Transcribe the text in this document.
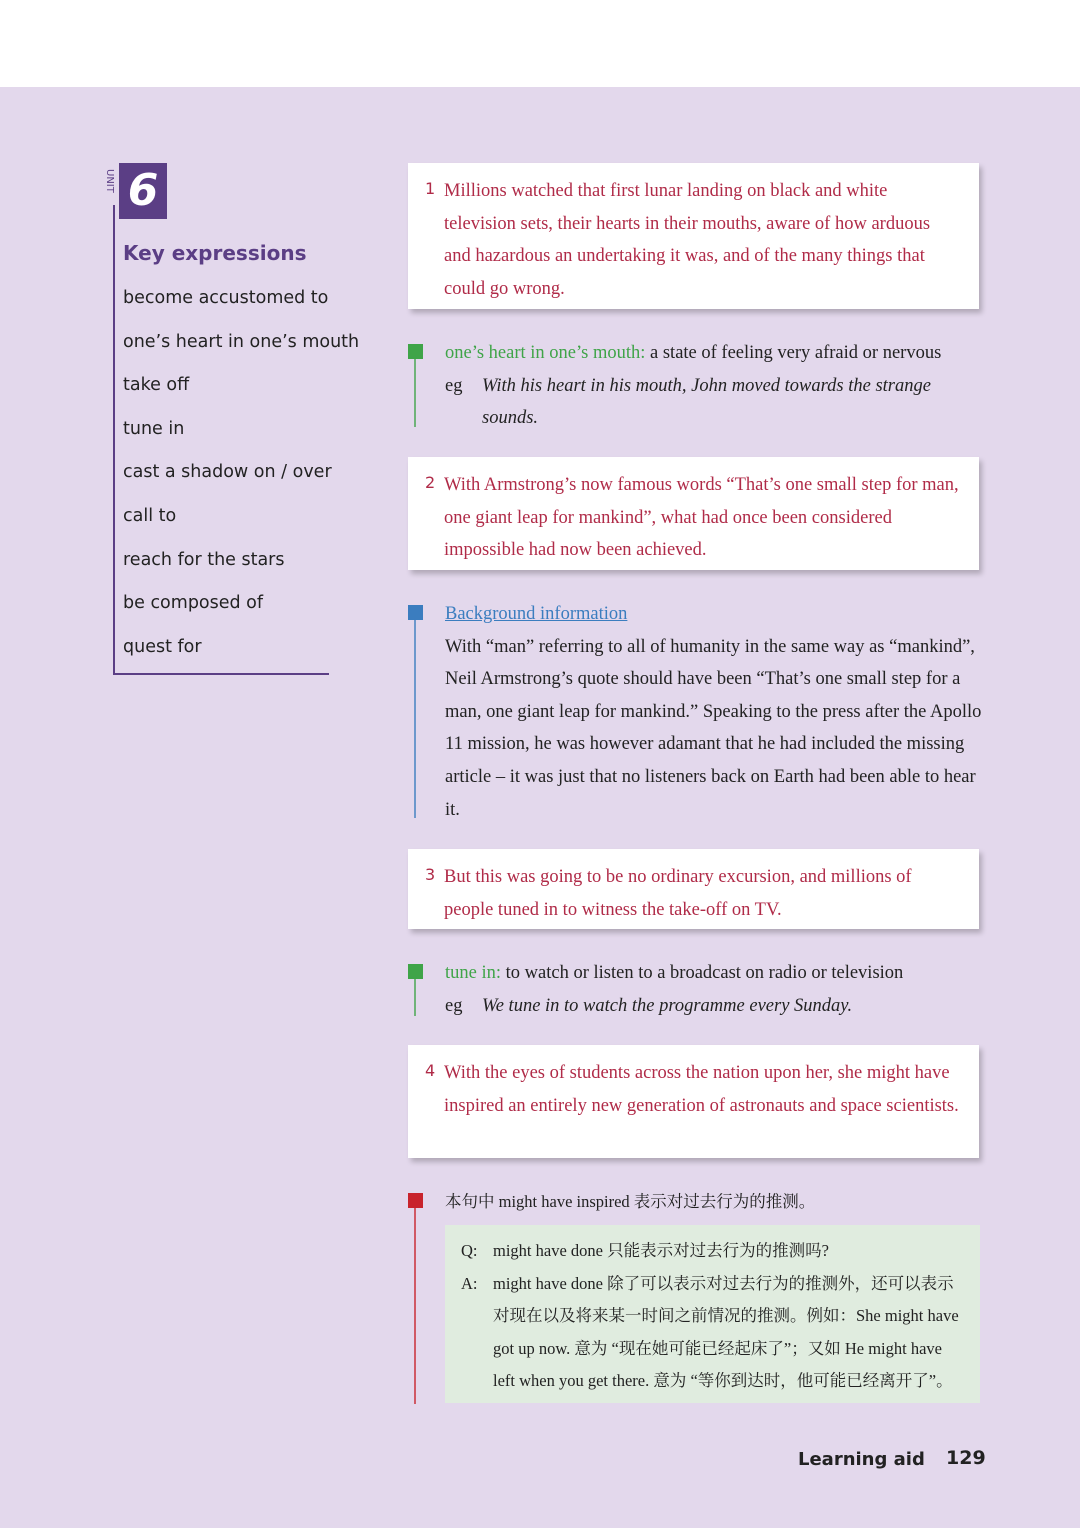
UNIT 6
Key expressions
become accustomed to
one’s heart in one’s mouth
take off
tune in
cast a shadow on / over
call to
reach for the stars
be composed of
quest for
1 Millions watched that first lunar landing on black and white television sets, their hearts in their mouths, aware of how arduous and hazardous an undertaking it was, and of the many things that could go wrong.
one’s heart in one’s mouth: a state of feeling very afraid or nervous
eg	With his heart in his mouth, John moved towards the strange sounds.
2 With Armstrong’s now famous words “That’s one small step for man, one giant leap for mankind”, what had once been considered impossible had now been achieved.
Background information
With “man” referring to all of humanity in the same way as “mankind”, Neil Armstrong’s quote should have been “That’s one small step for a man, one giant leap for mankind.” Speaking to the press after the Apollo 11 mission, he was however adamant that he had included the missing article – it was just that no listeners back on Earth had been able to hear it.
3 But this was going to be no ordinary excursion, and millions of people tuned in to witness the take-off on TV.
tune in: to watch or listen to a broadcast on radio or television
eg	We tune in to watch the programme every Sunday.
4 With the eyes of students across the nation upon her, she might have inspired an entirely new generation of astronauts and space scientists.
本句中 might have inspired 表示对过去行为的推测。
Q: might have done 只能表示对过去行为的推测吗?
A: might have done 除了可以表示对过去行为的推测外，还可以表示对现在以及将来某一时间之前情况的推测。例如：She might have got up now. 意为 “现在她可能已经起床了”；又如 He might have left when you get there. 意为 “等你到达时，他可能已经离开了”。
Learning aid 129
